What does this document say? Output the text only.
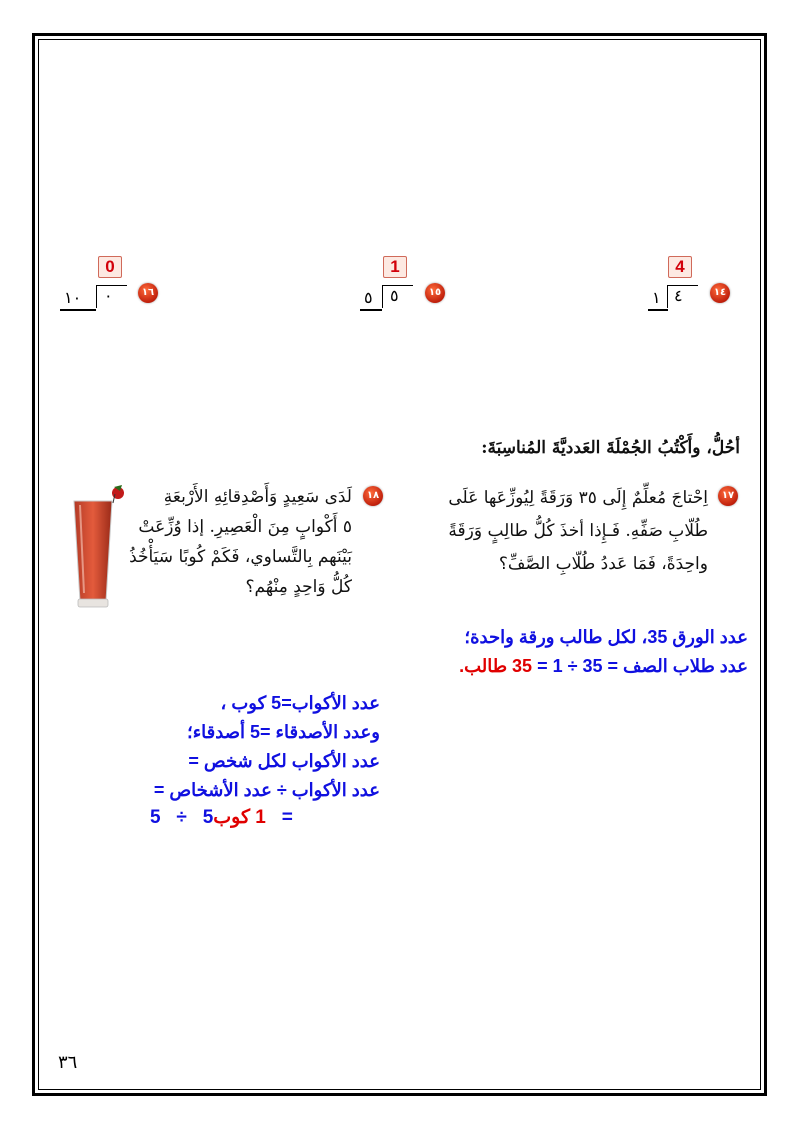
١٤
4
٤
١
١٥
1
٥
٥
١٦
0
٠
١٠
أحُلُّ، وأَكْتُبُ الجُمْلَةَ العَدديَّةَ المُناسِبَةَ:
١٧
اِحْتاجَ مُعلِّمٌ إِلَى ٣٥ وَرَقَةً لِيُوزِّعَها عَلَى
طُلّابِ صَفِّهِ. فَـإِذا أخذَ كُلُّ طالِبٍ وَرَقَةً
واحِدَةً، فَمَا عَددُ طُلّابِ الصَّفِّ؟
عدد الورق 35، لكل طالب ورقة واحدة؛
عدد طلاب الصف = 35 ÷ 1 = 35 طالب.
١٨
لَدَى سَعِيدٍ وَأَصْدِقائِهِ الأَرْبعَةِ
٥ أَكْوابٍ مِنَ الْعَصِيرِ. إذا وُزِّعَتْ
بَيْنَهم بِالتَّساوي، فَكَمْ كُوبًا سَيَأْخُذُ
كُلُّ وَاحِدٍ مِنْهُم؟
عدد الأكواب=5 كوب ،
وعدد الأصدقاء =5 أصدقاء؛
عدد الأكواب لكل شخص =
عدد الأكواب ÷ عدد الأشخاص =
1 كوب5   ÷   5   =
٣٦
